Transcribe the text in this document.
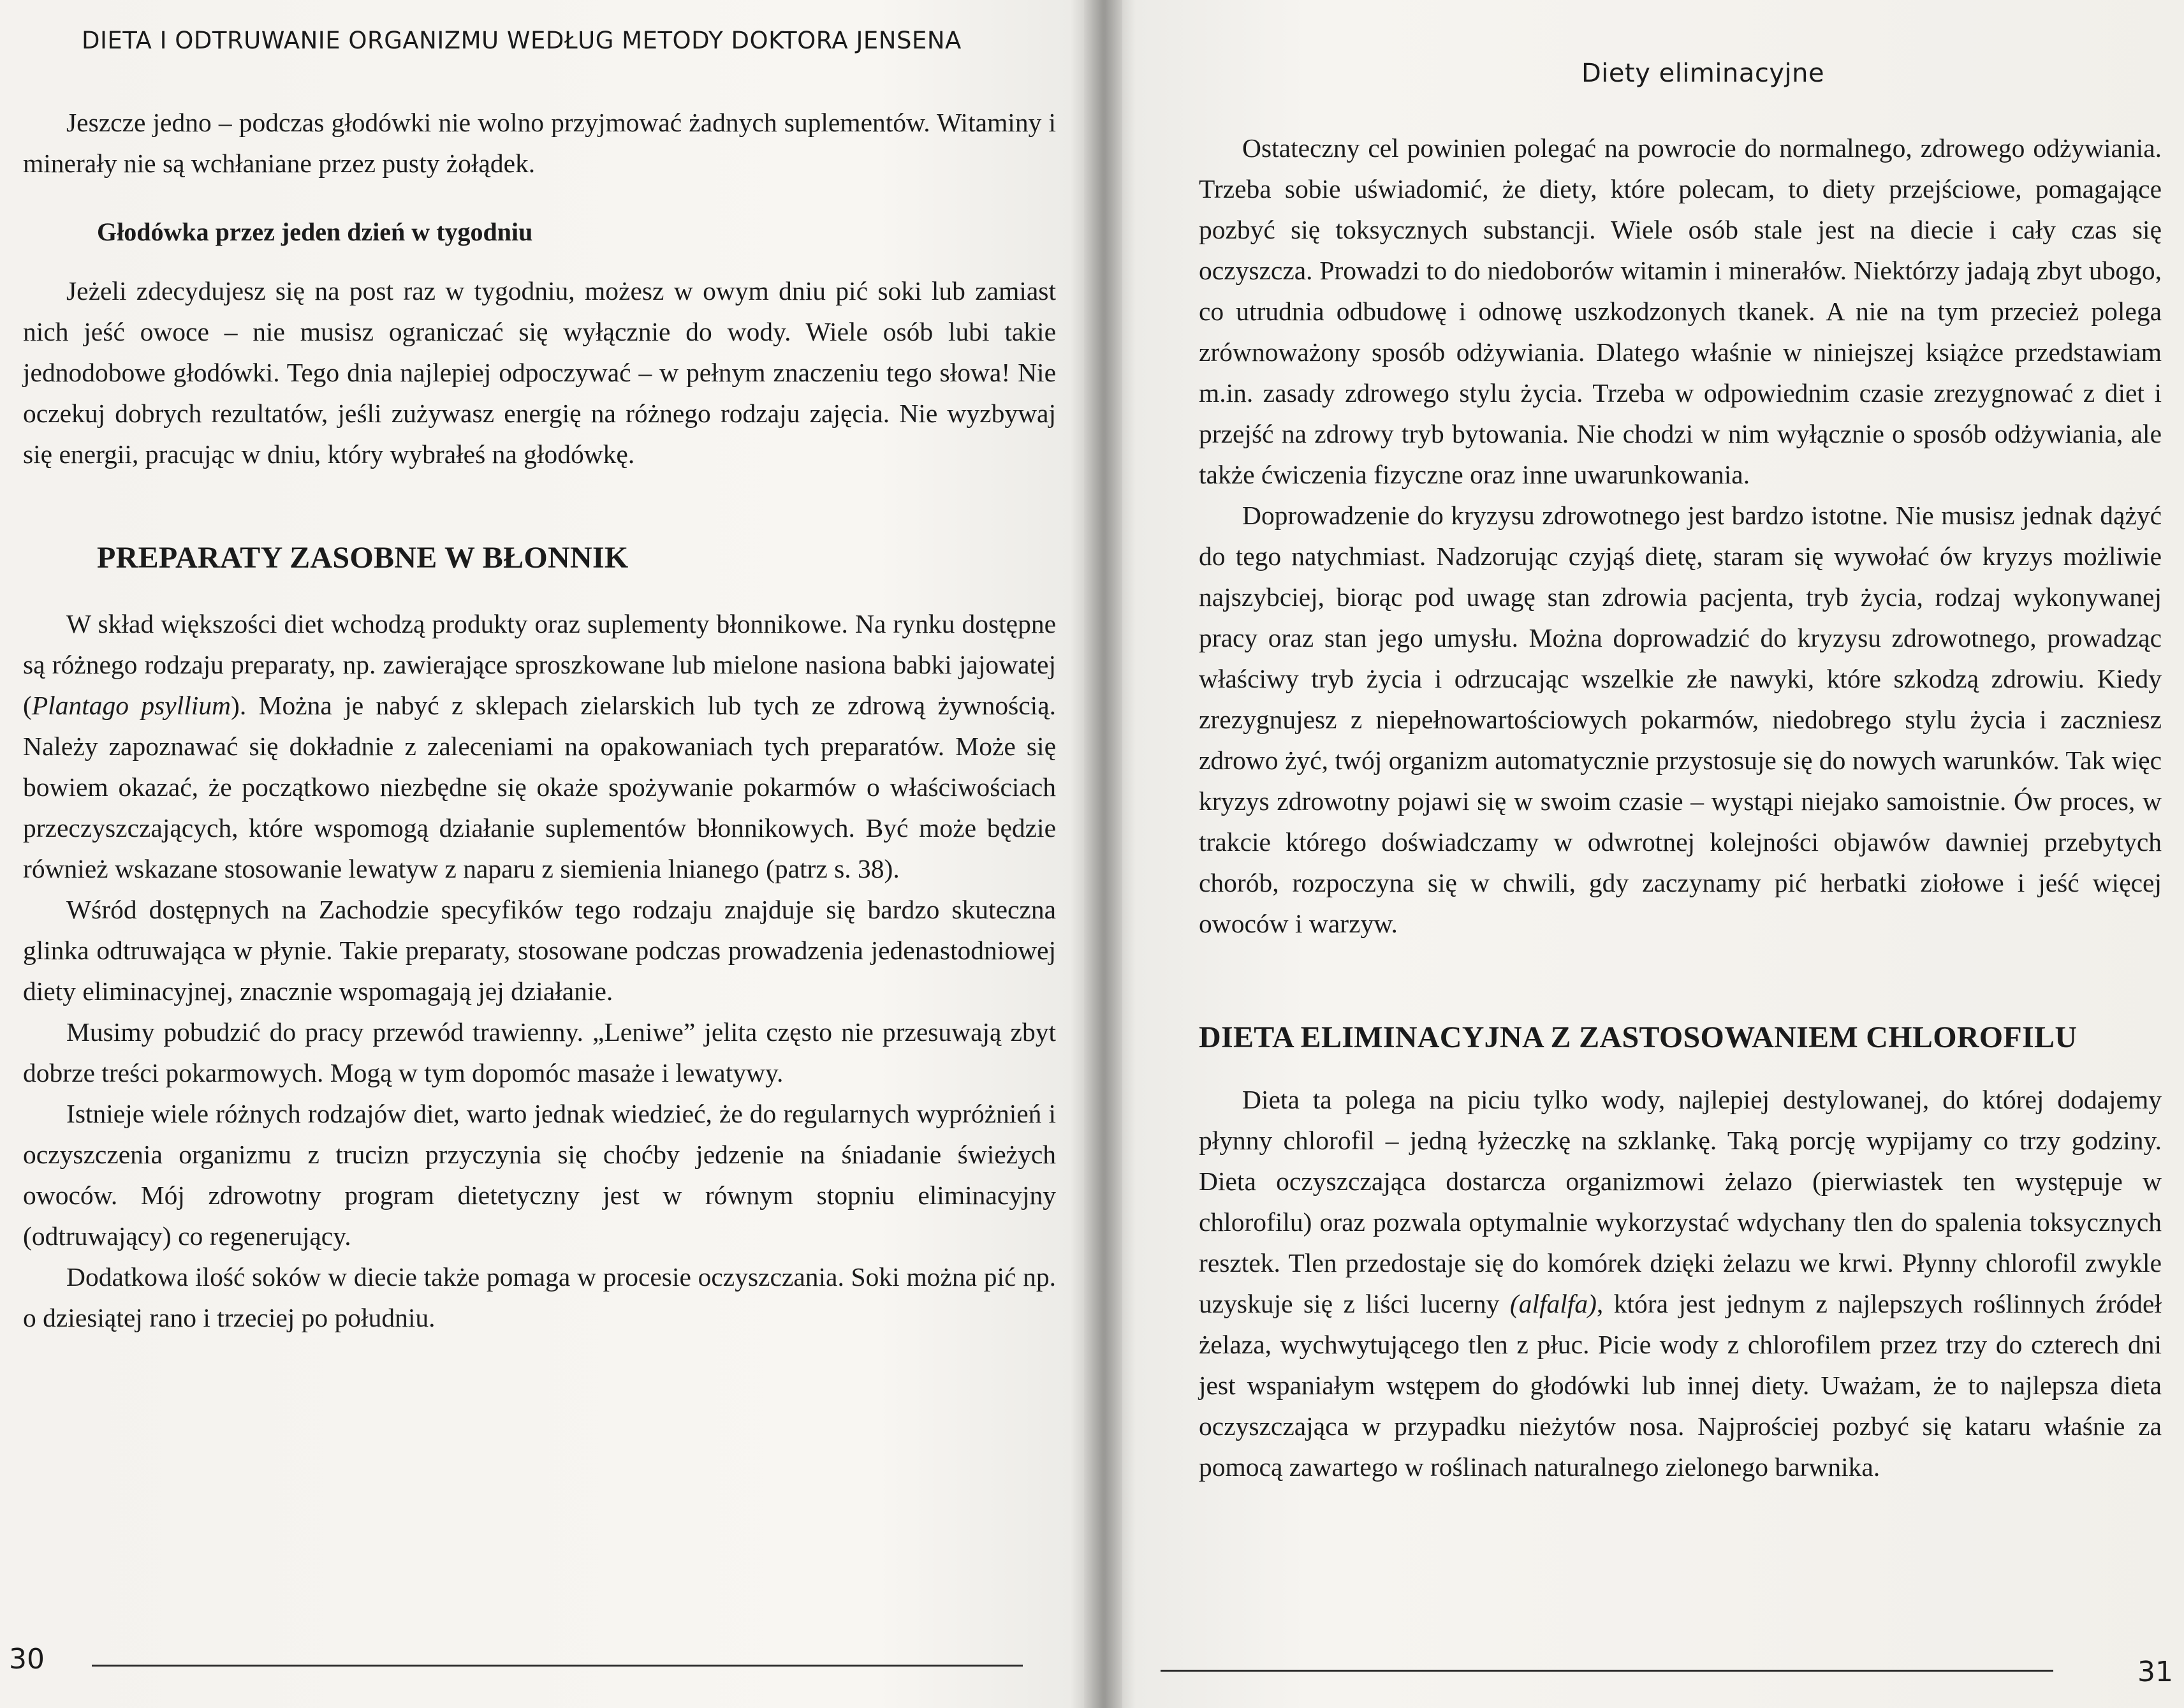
DIETA I ODTRUWANIE ORGANIZMU WEDŁUG METODY DOKTORA JENSENA

Jeszcze jedno – podczas głodówki nie wolno przyjmować żadnych suplementów. Witaminy i minerały nie są wchłaniane przez pusty żołądek.

Głodówka przez jeden dzień w tygodniu

Jeżeli zdecydujesz się na post raz w tygodniu, możesz w owym dniu pić soki lub zamiast nich jeść owoce – nie musisz ograniczać się wyłącznie do wody. Wiele osób lubi takie jednodobowe głodówki. Tego dnia najlepiej odpoczywać – w pełnym znaczeniu tego słowa! Nie oczekuj dobrych rezultatów, jeśli zużywasz energię na różnego rodzaju zajęcia. Nie wyzbywaj się energii, pracując w dniu, który wybrałeś na głodówkę.

PREPARATY ZASOBNE W BŁONNIK

W skład większości diet wchodzą produkty oraz suplementy błonnikowe. Na rynku dostępne są różnego rodzaju preparaty, np. zawierające sproszkowane lub mielone nasiona babki jajowatej (Plantago psyllium). Można je nabyć z sklepach zielarskich lub tych ze zdrową żywnością. Należy zapoznawać się dokładnie z zaleceniami na opakowaniach tych preparatów. Może się bowiem okazać, że początkowo niezbędne się okaże spożywanie pokarmów o właściwościach przeczyszczających, które wspomogą działanie suplementów błonnikowych. Być może będzie również wskazane stosowanie lewatyw z naparu z siemienia lnianego (patrz s. 38).

Wśród dostępnych na Zachodzie specyfików tego rodzaju znajduje się bardzo skuteczna glinka odtruwająca w płynie. Takie preparaty, stosowane podczas prowadzenia jedenastodniowej diety eliminacyjnej, znacznie wspomagają jej działanie.

Musimy pobudzić do pracy przewód trawienny. „Leniwe” jelita często nie przesuwają zbyt dobrze treści pokarmowych. Mogą w tym dopomóc masaże i lewatywy.

Istnieje wiele różnych rodzajów diet, warto jednak wiedzieć, że do regularnych wypróżnień i oczyszczenia organizmu z trucizn przyczynia się choćby jedzenie na śniadanie świeżych owoców. Mój zdrowotny program dietetyczny jest w równym stopniu eliminacyjny (odtruwający) co regenerujący.

Dodatkowa ilość soków w diecie także pomaga w procesie oczyszczania. Soki można pić np. o dziesiątej rano i trzeciej po południu.

30
Diety eliminacyjne

Ostateczny cel powinien polegać na powrocie do normalnego, zdrowego odżywiania. Trzeba sobie uświadomić, że diety, które polecam, to diety przejściowe, pomagające pozbyć się toksycznych substancji. Wiele osób stale jest na diecie i cały czas się oczyszcza. Prowadzi to do niedoborów witamin i minerałów. Niektórzy jadają zbyt ubogo, co utrudnia odbudowę i odnowę uszkodzonych tkanek. A nie na tym przecież polega zrównoważony sposób odżywiania. Dlatego właśnie w niniejszej książce przedstawiam m.in. zasady zdrowego stylu życia. Trzeba w odpowiednim czasie zrezygnować z diet i przejść na zdrowy tryb bytowania. Nie chodzi w nim wyłącznie o sposób odżywiania, ale także ćwiczenia fizyczne oraz inne uwarunkowania.

Doprowadzenie do kryzysu zdrowotnego jest bardzo istotne. Nie musisz jednak dążyć do tego natychmiast. Nadzorując czyjąś dietę, staram się wywołać ów kryzys możliwie najszybciej, biorąc pod uwagę stan zdrowia pacjenta, tryb życia, rodzaj wykonywanej pracy oraz stan jego umysłu. Można doprowadzić do kryzysu zdrowotnego, prowadząc właściwy tryb życia i odrzucając wszelkie złe nawyki, które szkodzą zdrowiu. Kiedy zrezygnujesz z niepełnowartościowych pokarmów, niedobrego stylu życia i zaczniesz zdrowo żyć, twój organizm automatycznie przystosuje się do nowych warunków. Tak więc kryzys zdrowotny pojawi się w swoim czasie – wystąpi niejako samoistnie. Ów proces, w trakcie którego doświadczamy w odwrotnej kolejności objawów dawniej przebytych chorób, rozpoczyna się w chwili, gdy zaczynamy pić herbatki ziołowe i jeść więcej owoców i warzyw.

DIETA ELIMINACYJNA Z ZASTOSOWANIEM CHLOROFILU

Dieta ta polega na piciu tylko wody, najlepiej destylowanej, do której dodajemy płynny chlorofil – jedną łyżeczkę na szklankę. Taką porcję wypijamy co trzy godziny. Dieta oczyszczająca dostarcza organizmowi żelazo (pierwiastek ten występuje w chlorofilu) oraz pozwala optymalnie wykorzystać wdychany tlen do spalenia toksycznych resztek. Tlen przedostaje się do komórek dzięki żelazu we krwi. Płynny chlorofil zwykle uzyskuje się z liści lucerny (alfalfa), która jest jednym z najlepszych roślinnych źródeł żelaza, wychwytującego tlen z płuc. Picie wody z chlorofilem przez trzy do czterech dni jest wspaniałym wstępem do głodówki lub innej diety. Uważam, że to najlepsza dieta oczyszczająca w przypadku nieżytów nosa. Najprościej pozbyć się kataru właśnie za pomocą zawartego w roślinach naturalnego zielonego barwnika.

31
